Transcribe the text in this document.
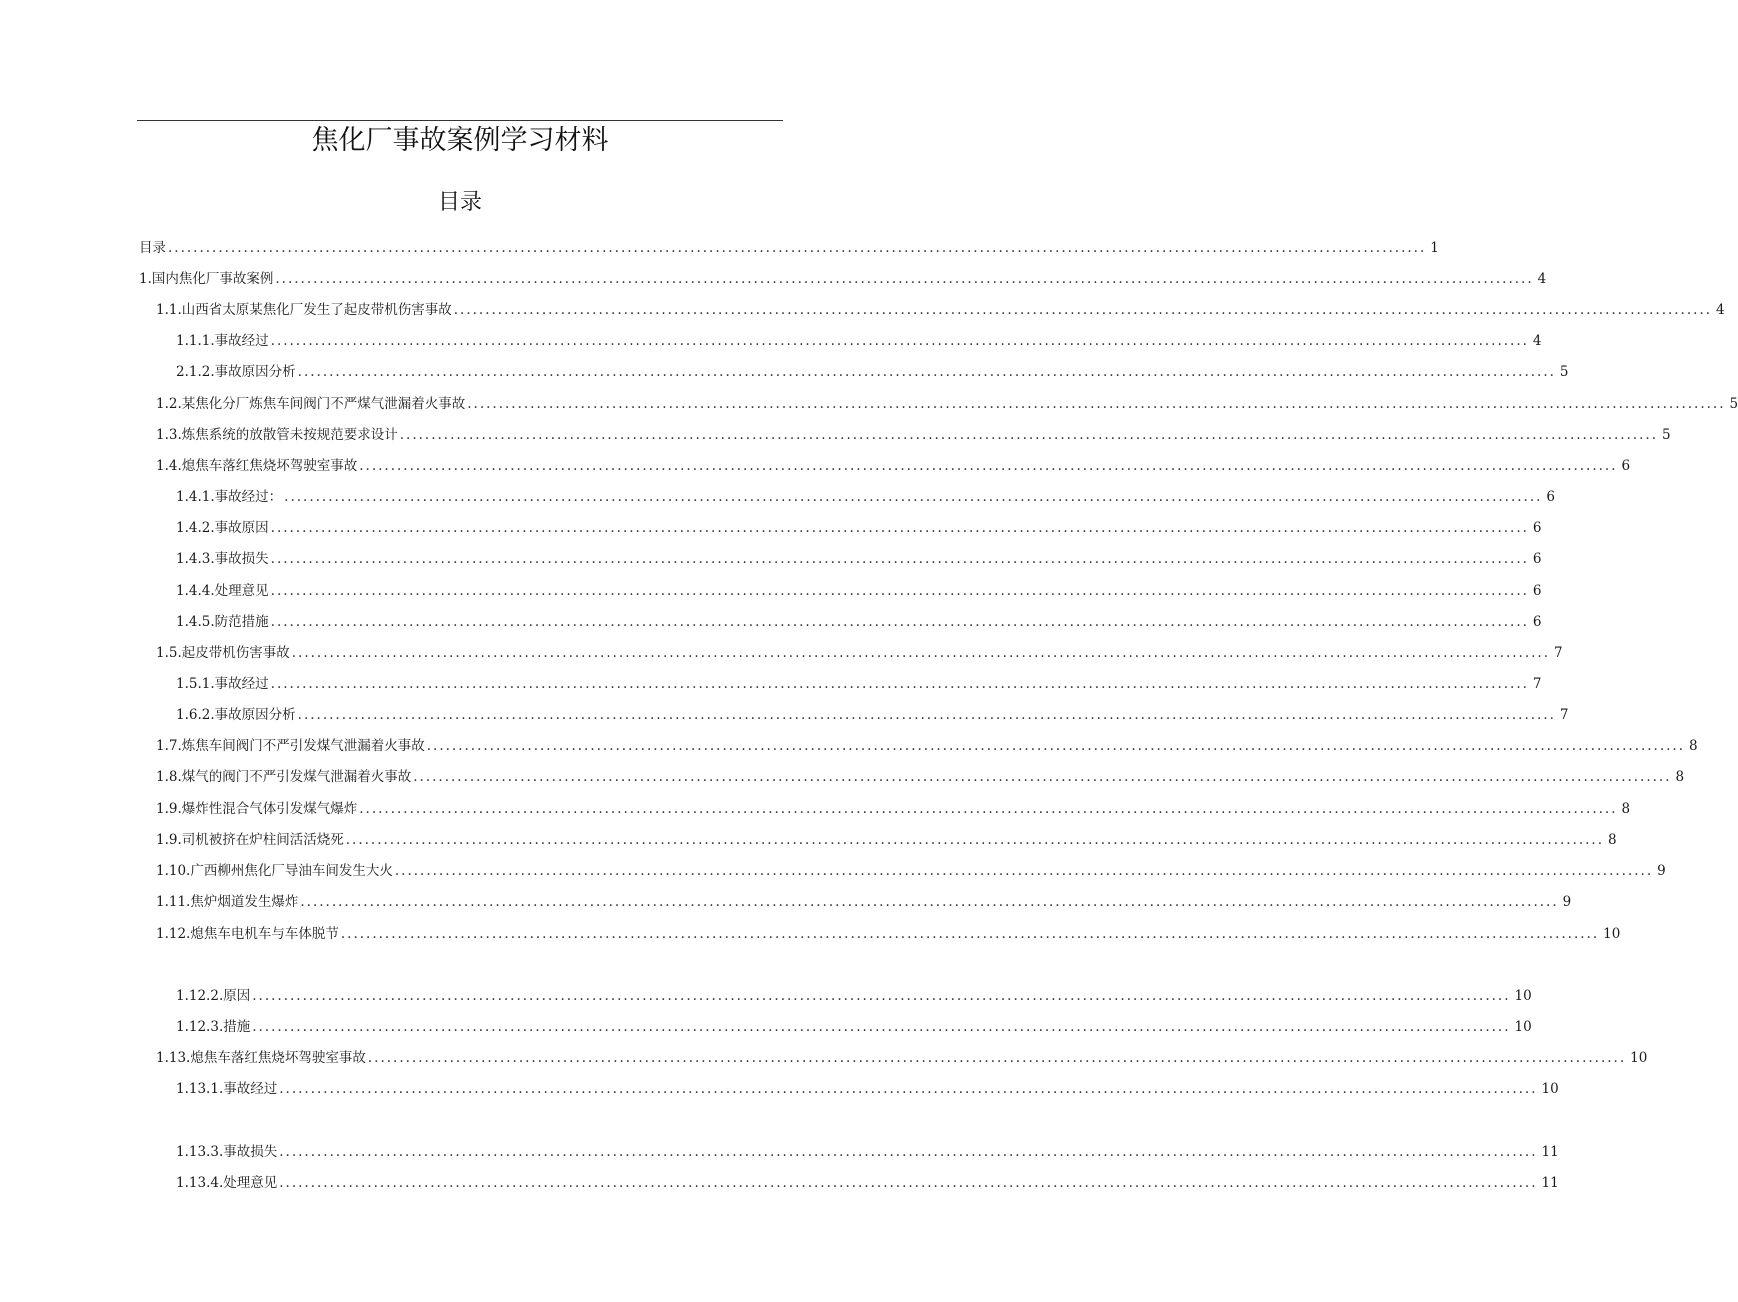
焦化厂事故案例学习材料
目录
目录 ........................................................................................................................................................................................................ 1
1 .国内焦化厂事故案例 ........................................................................................................................................................................................................ 4
1.1. 山西省太原某焦化厂发生了起皮带机伤害事故 ........................................................................................................................................................................................................ 4
1. 1.1.事故经过 ........................................................................................................................................................................................................ 4
2. 1.2.事故原因分析 ........................................................................................................................................................................................................ 5
1.2.某焦化分厂炼焦车间阀门不严煤气泄漏着火事故 ........................................................................................................................................................................................................ 5
1.3.炼焦系统的放散管未按规范要求设计 ........................................................................................................................................................................................................ 5
1.4.熄焦车落红焦烧坏驾驶室事故 ........................................................................................................................................................................................................ 6
1.4.1.事故经过： ........................................................................................................................................................................................................ 6
1.4.2.事故原因 ........................................................................................................................................................................................................ 6
1.4.3.事故损失 ........................................................................................................................................................................................................ 6
1.4.4.处理意见 ........................................................................................................................................................................................................ 6
1.4. 5.防范措施 ........................................................................................................................................................................................................ 6
1.5. 起皮带机伤害事故 ........................................................................................................................................................................................................ 7
1.5. 1.事故经过 ........................................................................................................................................................................................................ 7
1.6. 2.事故原因分析 ........................................................................................................................................................................................................ 7
1.7. 炼焦车间阀门不严引发煤气泄漏着火事故 ........................................................................................................................................................................................................ 8
1.8. 煤气的阀门不严引发煤气泄漏着火事故 ........................................................................................................................................................................................................ 8
1.9. 爆炸性混合气体引发煤气爆炸 ........................................................................................................................................................................................................ 8
1.9. 司机被挤在炉柱间活活烧死 ........................................................................................................................................................................................................ 8
1.10.广西柳州焦化厂导油车间发生大火 ........................................................................................................................................................................................................ 9
1.11.焦炉烟道发生爆炸 ........................................................................................................................................................................................................ 9
1.12.熄焦车电机车与车体脱节 ........................................................................................................................................................................................................ 10
1.12.2.原因 ........................................................................................................................................................................................................ 10
1.12.3.措施 ........................................................................................................................................................................................................ 10
1.13.熄焦车落红焦烧坏驾驶室事故 ........................................................................................................................................................................................................ 10
1.13.1.事故经过 ........................................................................................................................................................................................................ 10
1.13.3.事故损失 ........................................................................................................................................................................................................ 11
1. 13.4.处理意见 ........................................................................................................................................................................................................ 11
